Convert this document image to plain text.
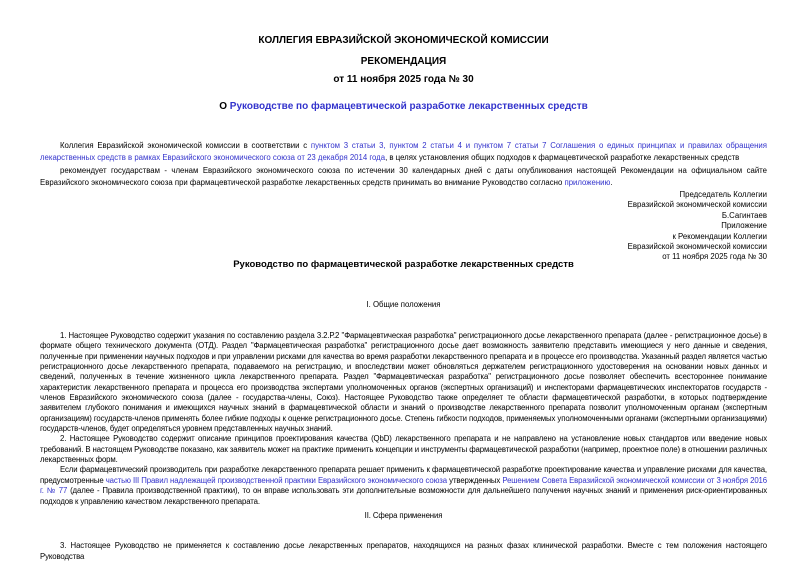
КОЛЛЕГИЯ ЕВРАЗИЙСКОЙ ЭКОНОМИЧЕСКОЙ КОМИССИИ
РЕКОМЕНДАЦИЯ
от 11 ноября 2025 года № 30
О Руководстве по фармацевтической разработке лекарственных средств

Коллегия Евразийской экономической комиссии в соответствии с пунктом 3 статьи 3, пунктом 2 статьи 4 и пунктом 7 статьи 7 Соглашения о единых принципах и правилах обращения лекарственных средств в рамках Евразийского экономического союза от 23 декабря 2014 года, в целях установления общих подходов к фармацевтической разработке лекарственных средств

рекомендует государствам - членам Евразийского экономического союза по истечении 30 календарных дней с даты опубликования настоящей Рекомендации на официальном сайте Евразийского экономического союза при фармацевтической разработке лекарственных средств принимать во внимание Руководство согласно приложению.

Председатель Коллегии
Евразийской экономической комиссии
Б.Сагинтаев
Приложение
к Рекомендации Коллегии
Евразийской экономической комиссии
от 11 ноября 2025 года № 30
Руководство по фармацевтической разработке лекарственных средств
I. Общие положения

1. Настоящее Руководство содержит указания по составлению раздела 3.2.Р.2 "Фармацевтическая разработка" регистрационного досье лекарственного препарата (далее - регистрационное досье) в формате общего технического документа (ОТД). Раздел "Фармацевтическая разработка" регистрационного досье дает возможность заявителю представить имеющиеся у него данные и сведения, полученные при применении научных подходов и при управлении рисками для качества во время разработки лекарственного препарата и в процессе его производства. Указанный раздел является частью регистрационного досье лекарственного препарата, подаваемого на регистрацию, и впоследствии может обновляться держателем регистрационного удостоверения на основании новых данных и сведений, полученных в течение жизненного цикла лекарственного препарата. Раздел "Фармацевтическая разработка" регистрационного досье позволяет обеспечить всестороннее понимание характеристик лекарственного препарата и процесса его производства экспертами уполномоченных органов (экспертных организаций) и инспекторами фармацевтических инспекторатов государств - членов Евразийского экономического союза (далее - государства-члены, Союз). Настоящее Руководство также определяет те области фармацевтической разработки, в которых подтверждение заявителем глубокого понимания и имеющихся научных знаний в фармацевтической области и знаний о производстве лекарственного препарата позволит уполномоченным органам (экспертным организациям) государств-членов применять более гибкие подходы к оценке регистрационного досье. Степень гибкости подходов, применяемых уполномоченными органами (экспертными организациями) государств-членов, будет определяться уровнем представленных научных знаний.

2. Настоящее Руководство содержит описание принципов проектирования качества (QbD) лекарственного препарата и не направлено на установление новых стандартов или введение новых требований. В настоящем Руководстве показано, как заявитель может на практике применить концепции и инструменты фармацевтической разработки (например, проектное поле) в отношении различных лекарственных форм.

Если фармацевтический производитель при разработке лекарственного препарата решает применить к фармацевтической разработке проектирование качества и управление рисками для качества, предусмотренные частью III Правил надлежащей производственной практики Евразийского экономического союза утвержденных Решением Совета Евразийской экономической комиссии от 3 ноября 2016 г. № 77 (далее - Правила производственной практики), то он вправе использовать эти дополнительные возможности для дальнейшего получения научных знаний и применения риск-ориентированных подходов к управлению качеством лекарственного препарата.

II. Сфера применения

3. Настоящее Руководство не применяется к составлению досье лекарственных препаратов, находящихся на разных фазах клинической разработки. Вместе с тем положения настоящего Руководства
